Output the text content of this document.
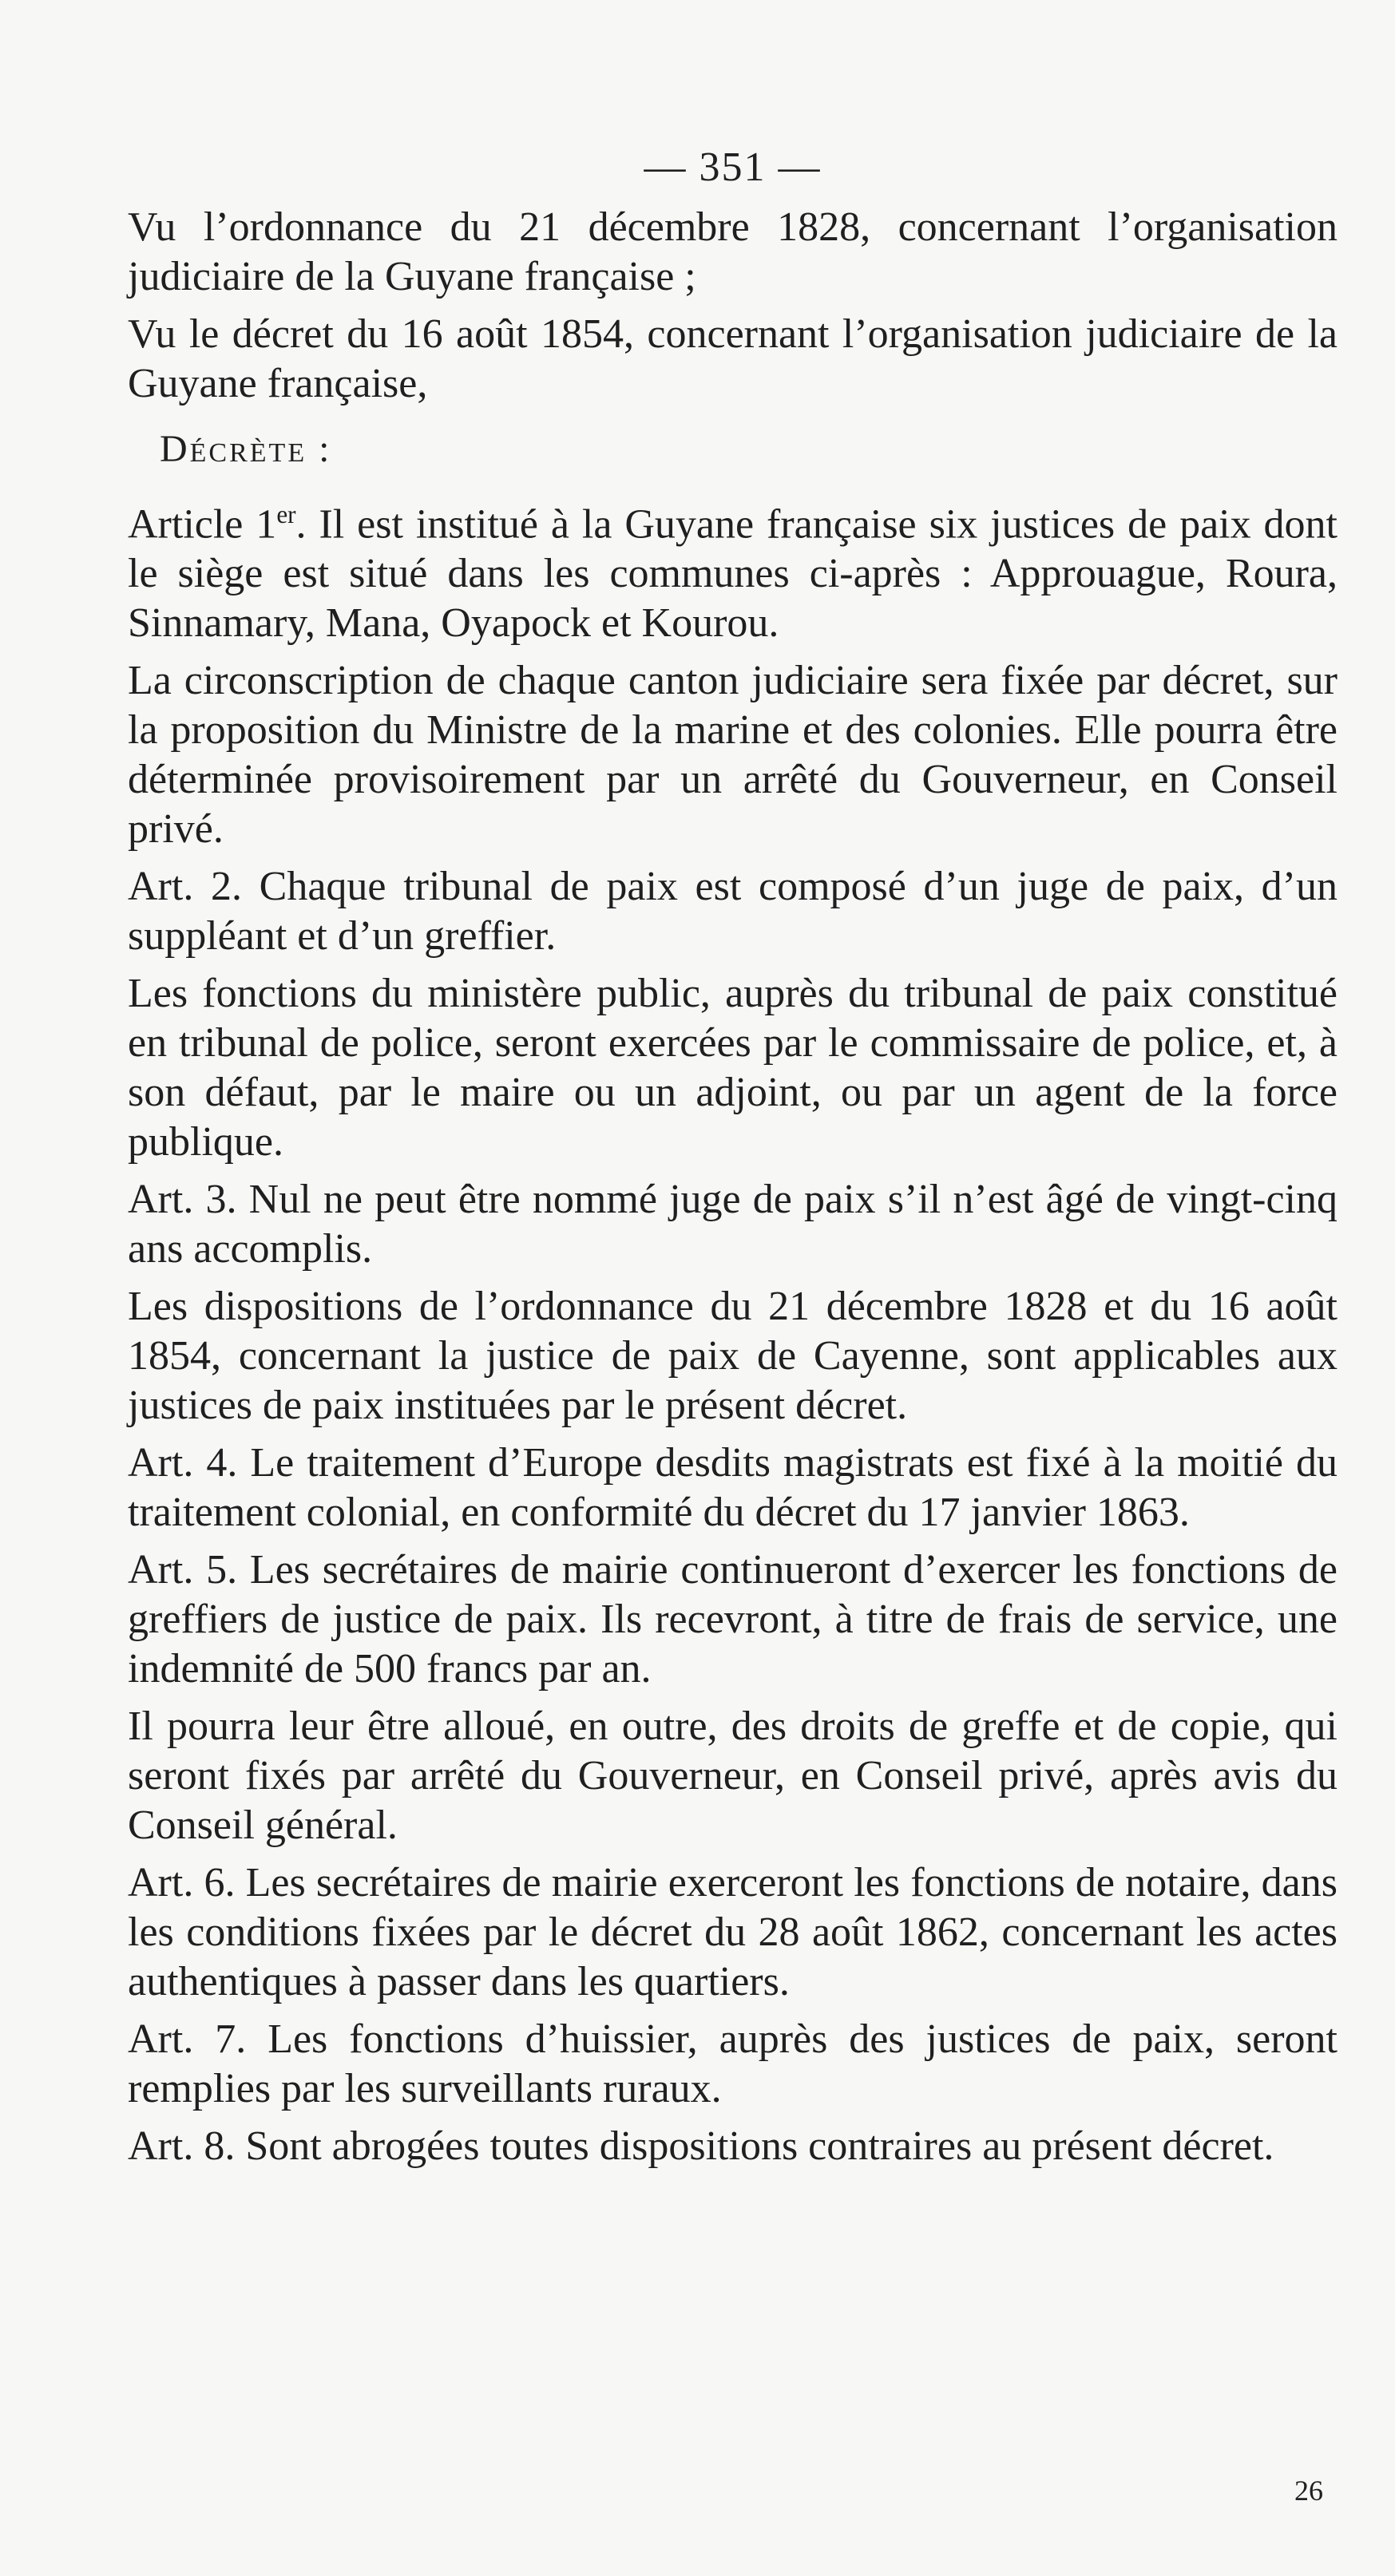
— 351 —

Vu l’ordonnance du 21 décembre 1828, concernant l’organisation judiciaire de la Guyane française ;

Vu le décret du 16 août 1854, concernant l’organisation judiciaire de la Guyane française,

Décrète :

Article 1er. Il est institué à la Guyane française six justices de paix dont le siège est situé dans les communes ci-après : Approuague, Roura, Sinnamary, Mana, Oyapock et Kourou.

La circonscription de chaque canton judiciaire sera fixée par décret, sur la proposition du Ministre de la marine et des colonies. Elle pourra être déterminée provisoirement par un arrêté du Gouverneur, en Conseil privé.

Art. 2. Chaque tribunal de paix est composé d’un juge de paix, d’un suppléant et d’un greffier.

Les fonctions du ministère public, auprès du tribunal de paix constitué en tribunal de police, seront exercées par le commissaire de police, et, à son défaut, par le maire ou un adjoint, ou par un agent de la force publique.

Art. 3. Nul ne peut être nommé juge de paix s’il n’est âgé de vingt-cinq ans accomplis.

Les dispositions de l’ordonnance du 21 décembre 1828 et du 16 août 1854, concernant la justice de paix de Cayenne, sont applicables aux justices de paix instituées par le présent décret.

Art. 4. Le traitement d’Europe desdits magistrats est fixé à la moitié du traitement colonial, en conformité du décret du 17 janvier 1863.

Art. 5. Les secrétaires de mairie continueront d’exercer les fonctions de greffiers de justice de paix. Ils recevront, à titre de frais de service, une indemnité de 500 francs par an.

Il pourra leur être alloué, en outre, des droits de greffe et de copie, qui seront fixés par arrêté du Gouverneur, en Conseil privé, après avis du Conseil général.

Art. 6. Les secrétaires de mairie exerceront les fonctions de notaire, dans les conditions fixées par le décret du 28 août 1862, concernant les actes authentiques à passer dans les quartiers.

Art. 7. Les fonctions d’huissier, auprès des justices de paix, seront remplies par les surveillants ruraux.

Art. 8. Sont abrogées toutes dispositions contraires au présent décret.

26
